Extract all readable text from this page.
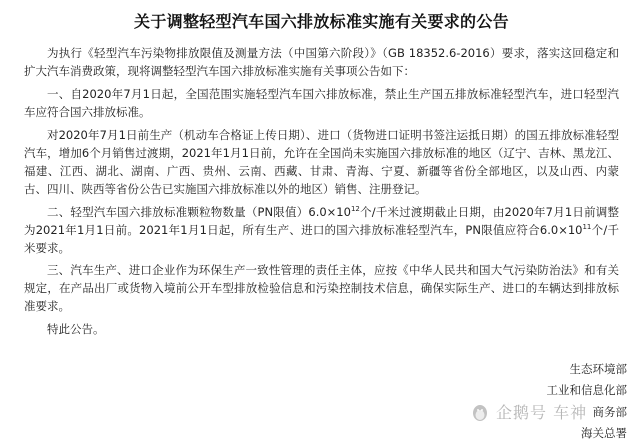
关于调整轻型汽车国六排放标准实施有关要求的公告

为执行《轻型汽车污染物排放限值及测量方法（中国第六阶段）》（GB 18352.6-2016）要求，落实这回稳定和扩大汽车消费政策，现将调整轻型汽车国六排放标准实施有关事项公告如下：

一、自2020年7月1日起，全国范围实施轻型汽车国六排放标准，禁止生产国五排放标准轻型汽车，进口轻型汽车应符合国六排放标准。

对2020年7月1日前生产（机动车合格证上传日期）、进口（货物进口证明书签注运抵日期）的国五排放标准轻型汽车，增加6个月销售过渡期，2021年1月1日前，允许在全国尚未实施国六排放标准的地区（辽宁、吉林、黑龙江、福建、江西、湖北、湖南、广西、贵州、云南、西藏、甘肃、青海、宁夏、新疆等省份全部地区，以及山西、内蒙古、四川、陕西等省份公告已实施国六排放标准以外的地区）销售、注册登记。

二、轻型汽车国六排放标准颗粒物数量（PN限值）$6.0\times 10^{12}$个/千米过渡期截止日期，由2020年7月1日前调整为2021年1月1日前。2021年1月1日起，所有生产、进口的国六排放标准轻型汽车，PN限值应符合$6.0\times 10^{11}$个/千米要求。

三、汽车生产、进口企业作为环保生产一致性管理的责任主体，应按《中华人民共和国大气污染防治法》和有关规定，在产品出厂或货物入境前公开车型排放检验信息和污染控制技术信息，确保实际生产、进口的车辆达到排放标准要求。

特此公告。

生态环境部
工业和信息化部
商务部
海关总署
企鹅号 车神
